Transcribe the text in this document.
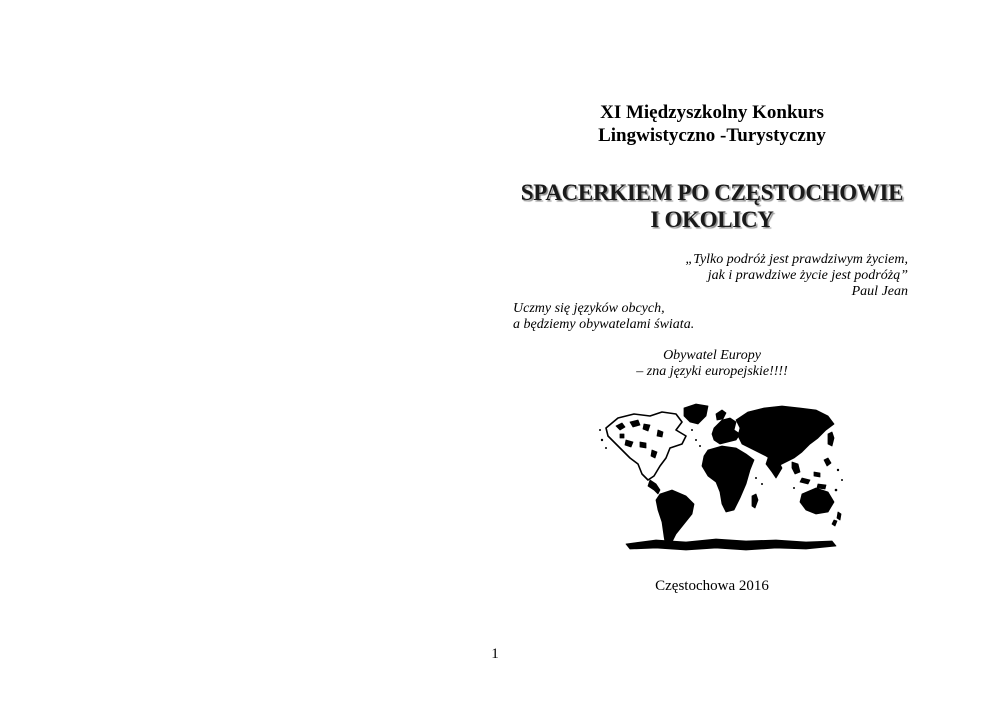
XI Międzyszkolny Konkurs
Lingwistyczno -Turystyczny
SPACERKIEM PO CZĘSTOCHOWIE
I OKOLICY
„Tylko podróż jest prawdziwym życiem,
jak i prawdziwe życie jest podróżą”
Paul Jean
Uczmy się języków obcych,
a będziemy obywatelami świata.
Obywatel Europy
– zna języki europejskie!!!!
Częstochowa 2016
1
